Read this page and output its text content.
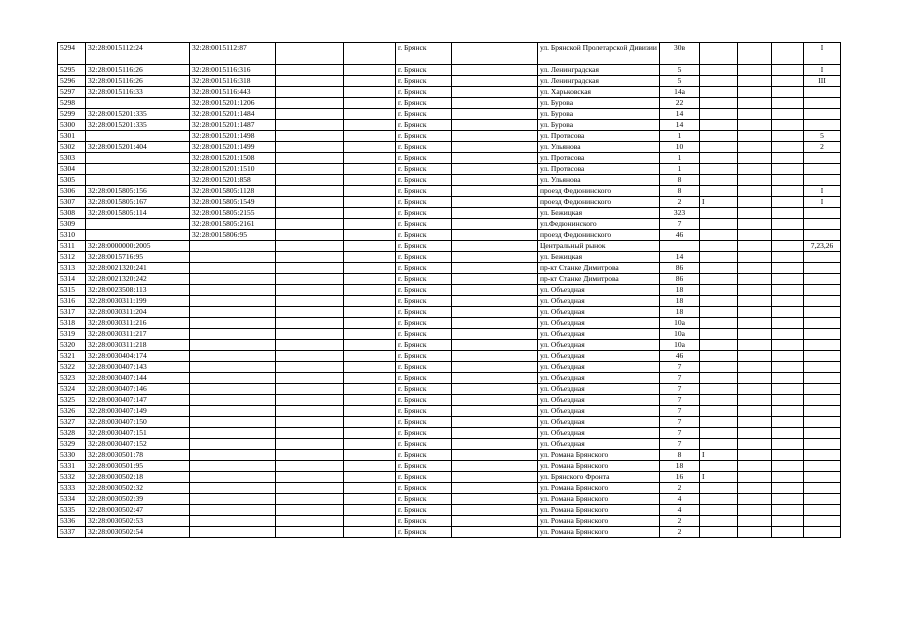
5294	32:28:0015112:24	32:28:0015112:87			г. Брянск		ул. Брянской Пролетарской Дивизии	30в				I
5295	32:28:0015116:26	32:28:0015116:316			г. Брянск		ул. Ленинградская	5				I
5296	32:28:0015116:26	32:28:0015116:318			г. Брянск		ул. Ленинградская	5				III
5297	32:28:0015116:33	32:28:0015116:443			г. Брянск		ул. Харьковская	14а				
5298		32:28:0015201:1206			г. Брянск		ул. Бурова	22				
5299	32:28:0015201:335	32:28:0015201:1484			г. Брянск		ул. Бурова	14				
5300	32:28:0015201:335	32:28:0015201:1487			г. Брянск		ул. Бурова	14				
5301		32:28:0015201:1498			г. Брянск		ул. Протвсова	1				5
5302	32:28:0015201:404	32:28:0015201:1499			г. Брянск		ул. Ульянова	10				2
5303		32:28:0015201:1508			г. Брянск		ул. Протвсова	1				
5304		32:28:0015201:1510			г. Брянск		ул. Протвсова	1				
5305		32:28:0015201:858			г. Брянск		ул. Ульянова	8				
5306	32:28:0015805:156	32:28:0015805:1128			г. Брянск		проезд Федюнинского	8				I
5307	32:28:0015805:167	32:28:0015805:1549			г. Брянск		проезд Федюнинского	2	I			I
5308	32:28:0015805:114	32:28:0015805:2155			г. Брянск		ул. Бежицкая	323				
5309		32:28:0015805:2161			г. Брянск		ул.Федюнинского	7				
5310		32:28:0015806:95			г. Брянск		проезд Федюнинского	46				
5311	32:28:0000000:2005				г. Брянск		Центральный рынок					7,23,26
5312	32:28:0015716:95				г. Брянск		ул. Бежицкая	14				
5313	32:28:0021320:241				г. Брянск		пр-кт Станке Димитрова	86				
5314	32:28:0021320:242				г. Брянск		пр-кт Станке Димитрова	86				
5315	32:28:0023508:113				г. Брянск		ул. Объездная	18				
5316	32:28:0030311:199				г. Брянск		ул. Объездная	18				
5317	32:28:0030311:204				г. Брянск		ул. Объездная	18				
5318	32:28:0030311:216				г. Брянск		ул. Объездная	10а				
5319	32:28:0030311:217				г. Брянск		ул. Объездная	10а				
5320	32:28:0030311:218				г. Брянск		ул. Объездная	10а				
5321	32:28:0030404:174				г. Брянск		ул. Объездная	46				
5322	32:28:0030407:143				г. Брянск		ул. Объездная	7				
5323	32:28:0030407:144				г. Брянск		ул. Объездная	7				
5324	32:28:0030407:146				г. Брянск		ул. Объездная	7				
5325	32:28:0030407:147				г. Брянск		ул. Объездная	7				
5326	32:28:0030407:149				г. Брянск		ул. Объездная	7				
5327	32:28:0030407:150				г. Брянск		ул. Объездная	7				
5328	32:28:0030407:151				г. Брянск		ул. Объездная	7				
5329	32:28:0030407:152				г. Брянск		ул. Объездная	7				
5330	32:28:0030501:78				г. Брянск		ул. Романа Брянского	8	I			
5331	32:28:0030501:95				г. Брянск		ул. Романа Брянского	18				
5332	32:28:0030502:18				г. Брянск		ул. Брянского Фронта	16	I			
5333	32:28:0030502:32				г. Брянск		ул. Романа Брянского	2				
5334	32:28:0030502:39				г. Брянск		ул. Романа Брянского	4				
5335	32:28:0030502:47				г. Брянск		ул. Романа Брянского	4				
5336	32:28:0030502:53				г. Брянск		ул. Романа Брянского	2				
5337	32:28:0030502:54				г. Брянск		ул. Романа Брянского	2				
